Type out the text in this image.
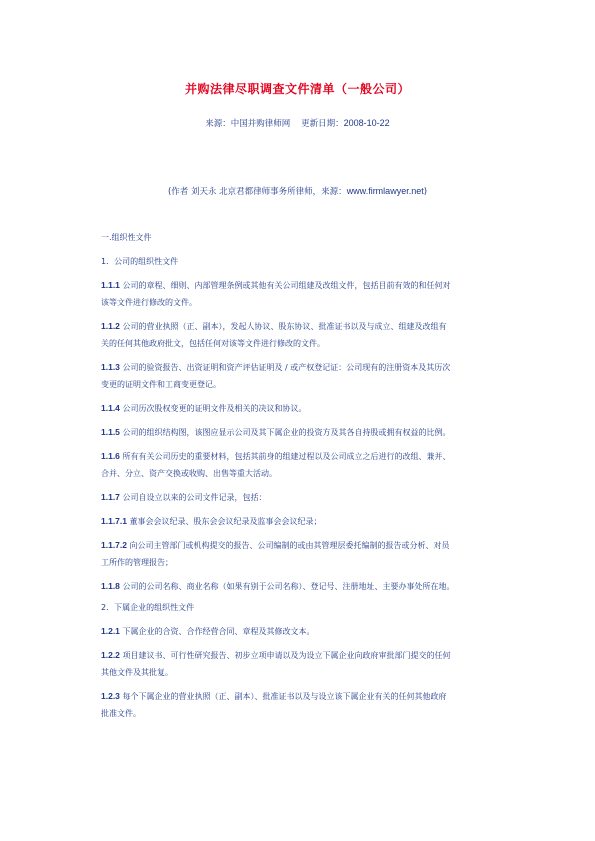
并购法律尽职调查文件清单（一般公司）
来源：中国并购律师网 更新日期：2008-10-22
(作者 刘天永 北京君都律师事务所律师，来源：www.firmlawyer.net)
一.组织性文件
1．公司的组织性文件
1.1.1 公司的章程、细则、内部管理条例或其他有关公司组建及改组文件，包括目前有效的和任何对
该等文件进行修改的文件。
1.1.2 公司的营业执照（正、副本），发起人协议、股东协议、批准证书以及与成立、组建及改组有
关的任何其他政府批文，包括任何对该等文件进行修改的文件。
1.1.3 公司的验资报告、出资证明和资产评估证明及 / 或产权登记证：公司现有的注册资本及其历次
变更的证明文件和工商变更登记。
1.1.4 公司历次股权变更的证明文件及相关的决议和协议。
1.1.5 公司的组织结构图，该图应显示公司及其下属企业的投资方及其各自持股或拥有权益的比例。
1.1.6 所有有关公司历史的重要材料，包括其前身的组建过程以及公司成立之后进行的改组、兼并、
合并、分立、资产交换或收购、出售等重大活动。
1.1.7 公司自设立以来的公司文件记录，包括：
1.1.7.1 董事会会议纪录、股东会会议纪录及监事会会议纪录；
1.1.7.2 向公司主管部门或机构提交的报告、公司编制的或由其管理层委托编制的报告或分析、对员
工所作的管理报告；
1.1.8 公司的公司名称、商业名称（如果有别于公司名称）、登记号、注册地址、主要办事处所在地。
2．下属企业的组织性文件
1.2.1 下属企业的合资、合作经营合同、章程及其修改文本。
1.2.2 项目建议书、可行性研究报告、初步立项申请以及为设立下属企业向政府审批部门提交的任何
其他文件及其批复。
1.2.3 每个下属企业的营业执照（正、副本）、批准证书以及与设立该下属企业有关的任何其他政府
批准文件。
